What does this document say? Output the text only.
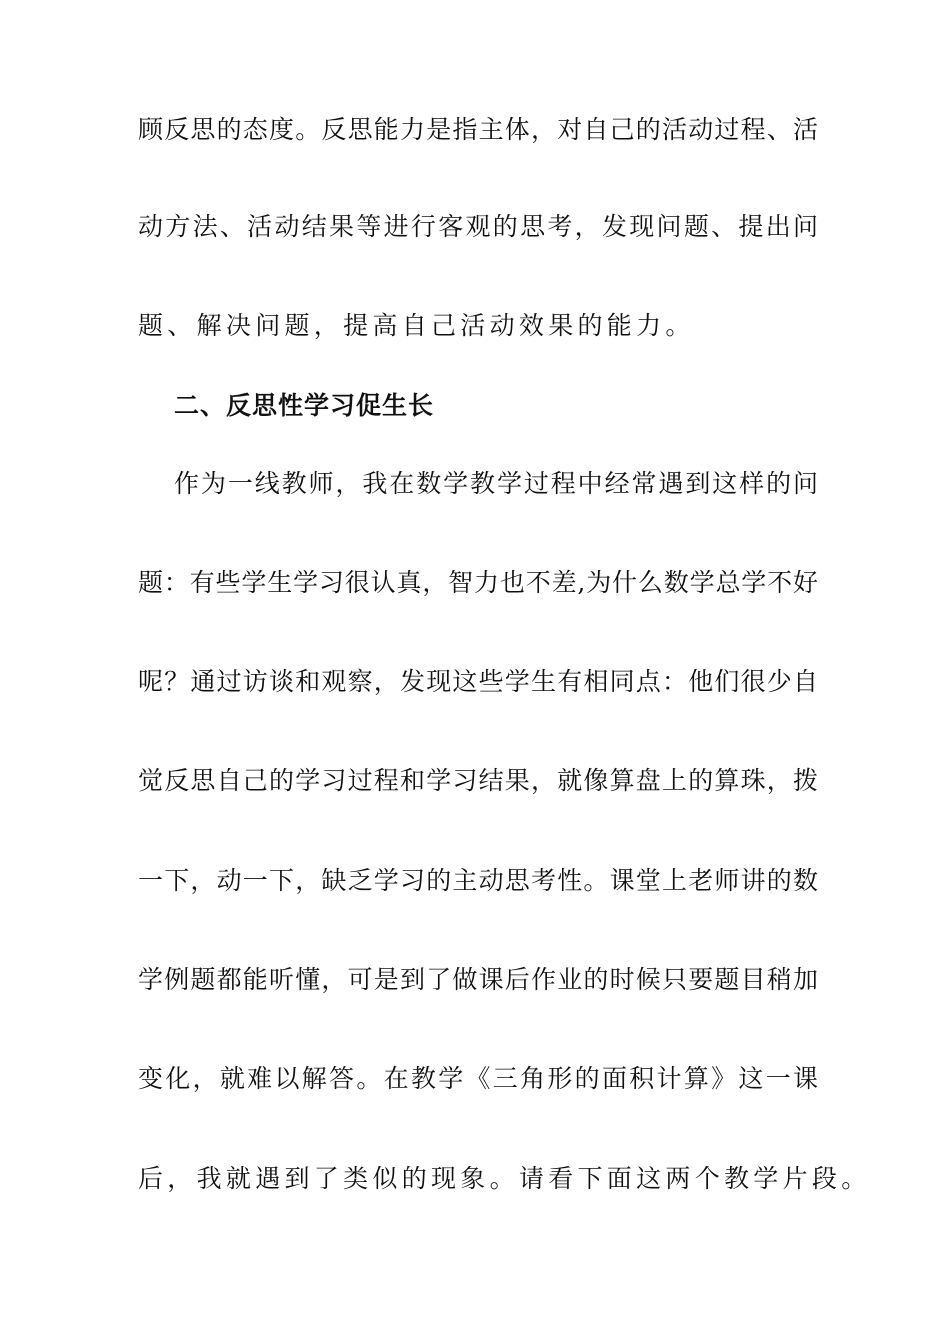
顾反思的态度。反思能力是指主体，对自己的活动过程、活
动方法、活动结果等进行客观的思考，发现问题、提出问
题、解决问题，提高自己活动效果的能力。
二、反思性学习促生长
作为一线教师，我在数学教学过程中经常遇到这样的问
题：有些学生学习很认真，智力也不差,为什么数学总学不好
呢？通过访谈和观察，发现这些学生有相同点：他们很少自
觉反思自己的学习过程和学习结果，就像算盘上的算珠，拨
一下，动一下，缺乏学习的主动思考性。课堂上老师讲的数
学例题都能听懂，可是到了做课后作业的时候只要题目稍加
变化，就难以解答。在教学《三角形的面积计算》这一课
后，我就遇到了类似的现象。请看下面这两个教学片段。
